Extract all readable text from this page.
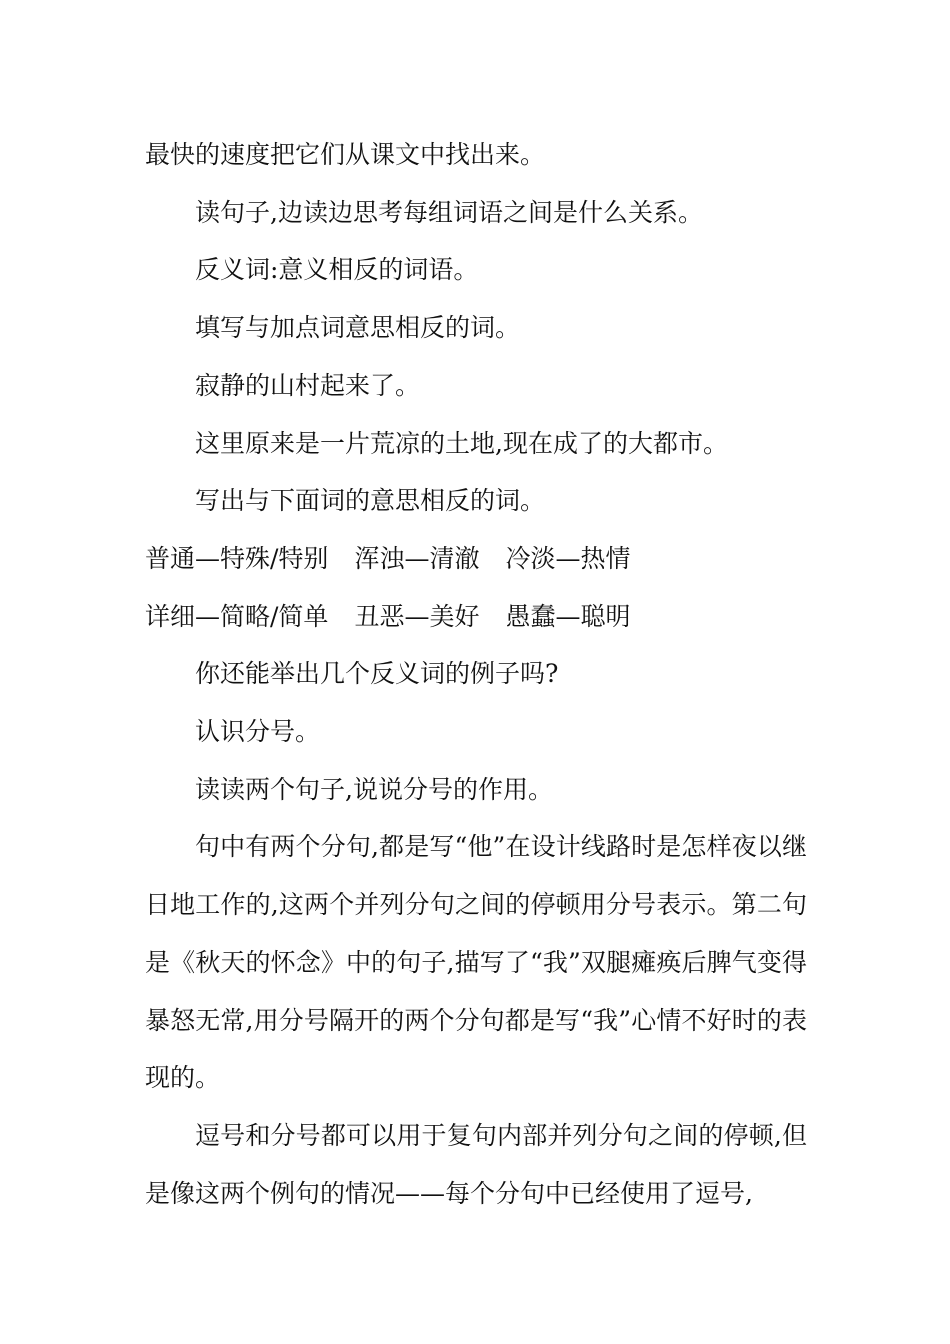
最快的速度把它们从课文中找出来。

读句子,边读边思考每组词语之间是什么关系。

反义词:意义相反的词语。

填写与加点词意思相反的词。

寂静的山村起来了。

这里原来是一片荒凉的土地,现在成了的大都市。

写出与下面词的意思相反的词。

普通—特殊/特别 浑浊—清澈 冷淡—热情

详细—简略/简单 丑恶—美好 愚蠢—聪明

你还能举出几个反义词的例子吗?

认识分号。

读读两个句子,说说分号的作用。

句中有两个分句,都是写“他”在设计线路时是怎样夜以继日地工作的,这两个并列分句之间的停顿用分号表示。第二句是《秋天的怀念》中的句子,描写了“我”双腿瘫痪后脾气变得暴怒无常,用分号隔开的两个分句都是写“我”心情不好时的表现的。

逗号和分号都可以用于复句内部并列分句之间的停顿,但是像这两个例句的情况——每个分句中已经使用了逗号,
